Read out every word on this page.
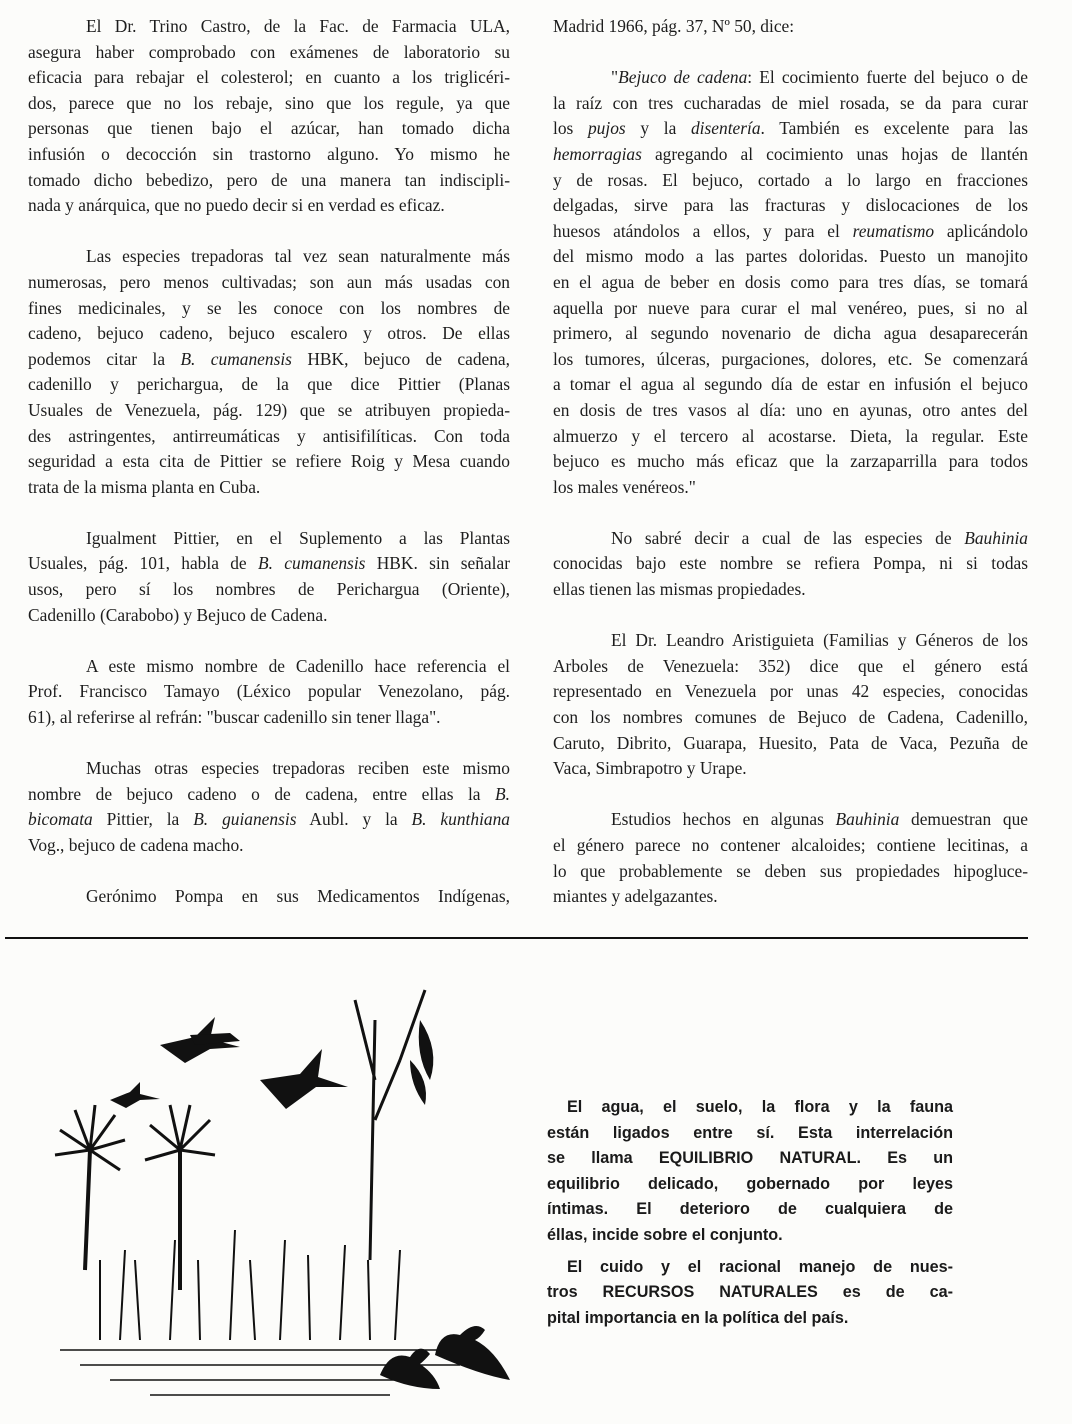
El Dr. Trino Castro, de la Fac. de Farmacia ULA,
asegura haber comprobado con exámenes de laboratorio su
eficacia para rebajar el colesterol; en cuanto a los triglicéri-
dos, parece que no los rebaje, sino que los regule, ya que
personas que tienen bajo el azúcar, han tomado dicha
infusión o decocción sin trastorno alguno. Yo mismo he
tomado dicho bebedizo, pero de una manera tan indiscipli-
nada y anárquica, que no puedo decir si en verdad es eficaz.
Las especies trepadoras tal vez sean naturalmente más
numerosas, pero menos cultivadas; son aun más usadas con
fines medicinales, y se les conoce con los nombres de
cadeno, bejuco cadeno, bejuco escalero y otros. De ellas
podemos citar la B. cumanensis HBK, bejuco de cadena,
cadenillo y perichargua, de la que dice Pittier (Planas
Usuales de Venezuela, pág. 129) que se atribuyen propieda-
des astringentes, antirreumáticas y antisifilíticas. Con toda
seguridad a esta cita de Pittier se refiere Roig y Mesa cuando
trata de la misma planta en Cuba.
Igualment Pittier, en el Suplemento a las Plantas
Usuales, pág. 101, habla de B. cumanensis HBK. sin señalar
usos, pero sí los nombres de Perichargua (Oriente),
Cadenillo (Carabobo) y Bejuco de Cadena.
A este mismo nombre de Cadenillo hace referencia el
Prof. Francisco Tamayo (Léxico popular Venezolano, pág.
61), al referirse al refrán: "buscar cadenillo sin tener llaga".
Muchas otras especies trepadoras reciben este mismo
nombre de bejuco cadeno o de cadena, entre ellas la B.
bicomata Pittier, la B. guianensis Aubl. y la B. kunthiana
Vog., bejuco de cadena macho.
Gerónimo Pompa en sus Medicamentos Indígenas,
Madrid 1966, pág. 37, Nº 50, dice:
"Bejuco de cadena: El cocimiento fuerte del bejuco o de
la raíz con tres cucharadas de miel rosada, se da para curar
los pujos y la disentería. También es excelente para las
hemorragias agregando al cocimiento unas hojas de llantén
y de rosas. El bejuco, cortado a lo largo en fracciones
delgadas, sirve para las fracturas y dislocaciones de los
huesos atándolos a ellos, y para el reumatismo aplicándolo
del mismo modo a las partes doloridas. Puesto un manojito
en el agua de beber en dosis como para tres días, se tomará
aquella por nueve para curar el mal venéreo, pues, si no al
primero, al segundo novenario de dicha agua desaparecerán
los tumores, úlceras, purgaciones, dolores, etc. Se comenzará
a tomar el agua al segundo día de estar en infusión el bejuco
en dosis de tres vasos al día: uno en ayunas, otro antes del
almuerzo y el tercero al acostarse. Dieta, la regular. Este
bejuco es mucho más eficaz que la zarzaparrilla para todos
los males venéreos."
No sabré decir a cual de las especies de Bauhinia
conocidas bajo este nombre se refiera Pompa, ni si todas
ellas tienen las mismas propiedades.
El Dr. Leandro Aristiguieta (Familias y Géneros de los
Arboles de Venezuela: 352) dice que el género está
representado en Venezuela por unas 42 especies, conocidas
con los nombres comunes de Bejuco de Cadena, Cadenillo,
Caruto, Dibrito, Guarapa, Huesito, Pata de Vaca, Pezuña de
Vaca, Simbrapotro y Urape.
Estudios hechos en algunas Bauhinia demuestran que
el género parece no contener alcaloides; contiene lecitinas, a
lo que probablemente se deben sus propiedades hipogluce-
miantes y adelgazantes.
El agua, el suelo, la flora y la fauna
están ligados entre sí. Esta interrelación
se llama EQUILIBRIO NATURAL. Es un
equilibrio delicado, gobernado por leyes
íntimas. El deterioro de cualquiera de
éllas, incide sobre el conjunto.
El cuido y el racional manejo de nues-
tros RECURSOS NATURALES es de ca-
pital importancia en la política del país.
